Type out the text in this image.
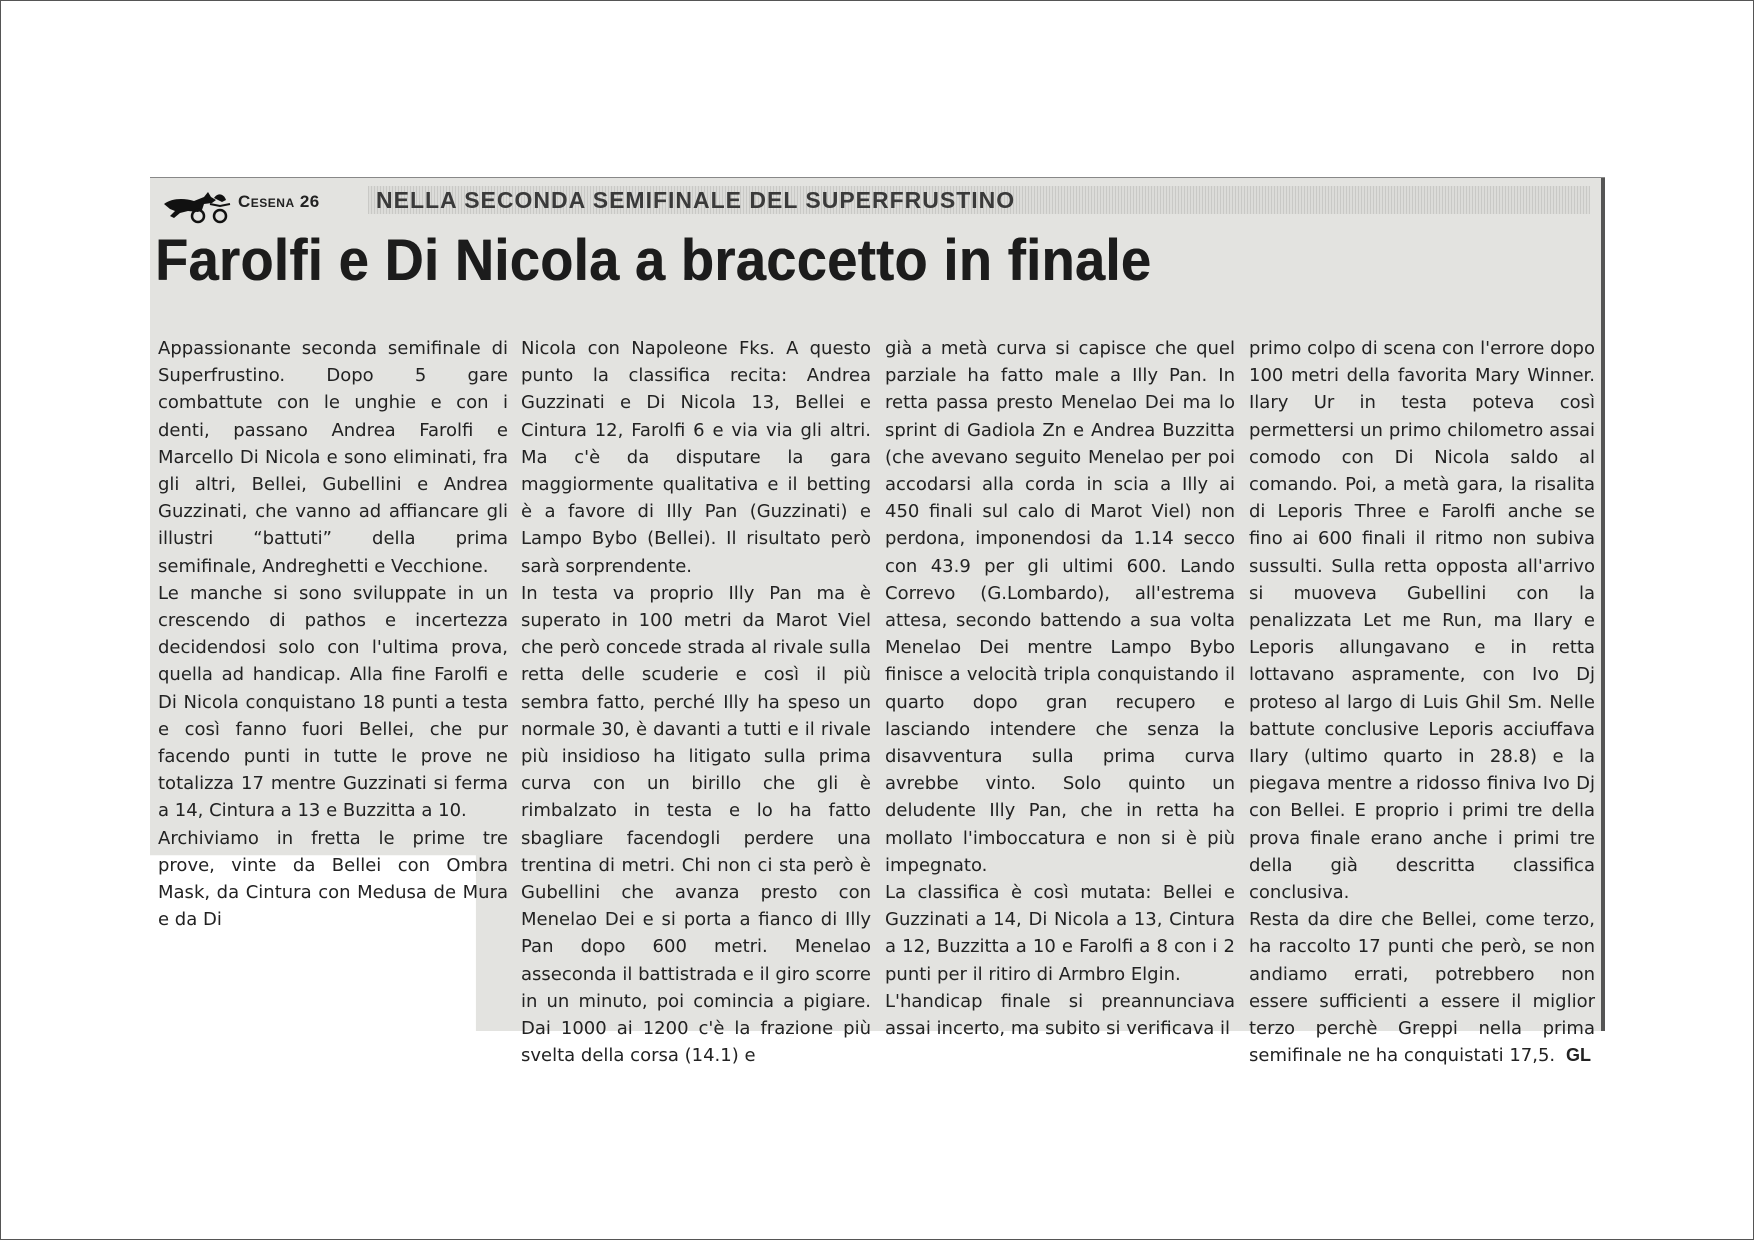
Cesena 26 NELLA SECONDA SEMIFINALE DEL SUPERFRUSTINO
Farolfi e Di Nicola a braccetto in finale

Appassionante seconda semifinale di Superfrustino. Dopo 5 gare combattute con le unghie e con i denti, passano Andrea Farolfi e Marcello Di Nicola e sono eliminati, fra gli altri, Bellei, Gubellini e Andrea Guzzinati, che vanno ad affiancare gli illustri “battuti” della prima semifinale, Andreghetti e Vecchione.

Le manche si sono sviluppate in un crescendo di pathos e incertezza decidendosi solo con l'ultima prova, quella ad handicap. Alla fine Farolfi e Di Nicola conquistano 18 punti a testa e così fanno fuori Bellei, che pur facendo punti in tutte le prove ne totalizza 17 mentre Guzzinati si ferma a 14, Cintura a 13 e Buzzitta a 10.

Archiviamo in fretta le prime tre prove, vinte da Bellei con Ombra Mask, da Cintura con Medusa de Mura e da Di

Nicola con Napoleone Fks. A questo punto la classifica recita: Andrea Guzzinati e Di Nicola 13, Bellei e Cintura 12, Farolfi 6 e via via gli altri. Ma c'è da disputare la gara maggiormente qualitativa e il betting è a favore di Illy Pan (Guzzinati) e Lampo Bybo (Bellei). Il risultato però sarà sorprendente.

In testa va proprio Illy Pan ma è superato in 100 metri da Marot Viel che però concede strada al rivale sulla retta delle scuderie e così il più sembra fatto, perché Illy ha speso un normale 30, è davanti a tutti e il rivale più insidioso ha litigato sulla prima curva con un birillo che gli è rimbalzato in testa e lo ha fatto sbagliare facendogli perdere una trentina di metri. Chi non ci sta però è Gubellini che avanza presto con Menelao Dei e si porta a fianco di Illy Pan dopo 600 metri. Menelao asseconda il battistrada e il giro scorre in un minuto, poi comincia a pigiare. Dai 1000 ai 1200 c'è la frazione più svelta della corsa (14.1) e

già a metà curva si capisce che quel parziale ha fatto male a Illy Pan. In retta passa presto Menelao Dei ma lo sprint di Gadiola Zn e Andrea Buzzitta (che avevano seguito Menelao per poi accodarsi alla corda in scia a Illy ai 450 finali sul calo di Marot Viel) non perdona, imponendosi da 1.14 secco con 43.9 per gli ultimi 600. Lando Correvo (G.Lombardo), all'estrema attesa, secondo battendo a sua volta Menelao Dei mentre Lampo Bybo finisce a velocità tripla conquistando il quarto dopo gran recupero e lasciando intendere che senza la disavventura sulla prima curva avrebbe vinto. Solo quinto un deludente Illy Pan, che in retta ha mollato l'imboccatura e non si è più impegnato.

La classifica è così mutata: Bellei e Guzzinati a 14, Di Nicola a 13, Cintura a 12, Buzzitta a 10 e Farolfi a 8 con i 2 punti per il ritiro di Armbro Elgin.

L'handicap finale si preannunciava assai incerto, ma subito si verificava il

primo colpo di scena con l'errore dopo 100 metri della favorita Mary Winner. Ilary Ur in testa poteva così permettersi un primo chilometro assai comodo con Di Nicola saldo al comando. Poi, a metà gara, la risalita di Leporis Three e Farolfi anche se fino ai 600 finali il ritmo non subiva sussulti. Sulla retta opposta all'arrivo si muoveva Gubellini con la penalizzata Let me Run, ma Ilary e Leporis allungavano e in retta lottavano aspramente, con Ivo Dj proteso al largo di Luis Ghil Sm. Nelle battute conclusive Leporis acciuffava Ilary (ultimo quarto in 28.8) e la piegava mentre a ridosso finiva Ivo Dj con Bellei. E proprio i primi tre della prova finale erano anche i primi tre della già descritta classifica conclusiva.

Resta da dire che Bellei, come terzo, ha raccolto 17 punti che però, se non andiamo errati, potrebbero non essere sufficienti a essere il miglior terzo perchè Greppi nella prima semifinale ne ha conquistati 17,5. GL
